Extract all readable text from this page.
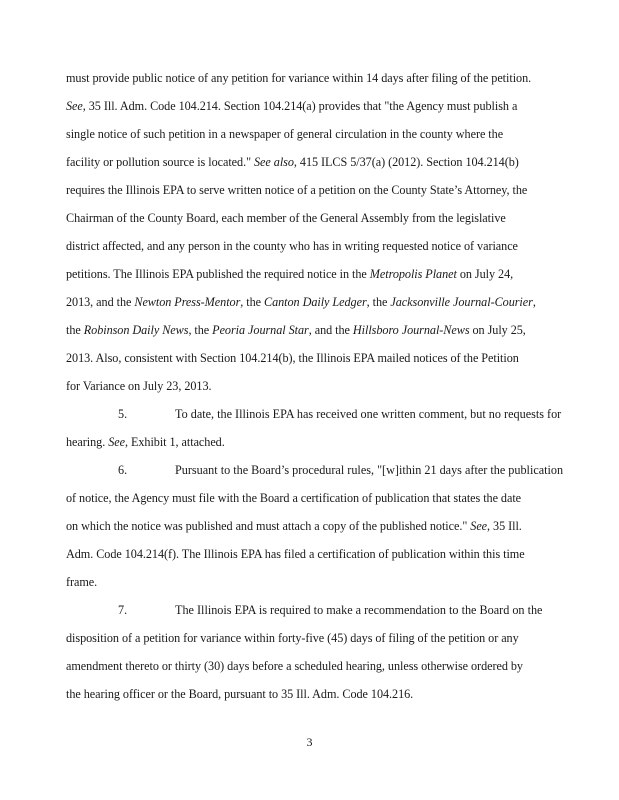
must provide public notice of any petition for variance within 14 days after filing of the petition.
See, 35 Ill. Adm. Code 104.214. Section 104.214(a) provides that "the Agency must publish a
single notice of such petition in a newspaper of general circulation in the county where the
facility or pollution source is located." See also, 415 ILCS 5/37(a) (2012). Section 104.214(b)
requires the Illinois EPA to serve written notice of a petition on the County State’s Attorney, the
Chairman of the County Board, each member of the General Assembly from the legislative
district affected, and any person in the county who has in writing requested notice of variance
petitions. The Illinois EPA published the required notice in the Metropolis Planet on July 24,
2013, and the Newton Press-Mentor, the Canton Daily Ledger, the Jacksonville Journal-Courier,
the Robinson Daily News, the Peoria Journal Star, and the Hillsboro Journal-News on July 25,
2013. Also, consistent with Section 104.214(b), the Illinois EPA mailed notices of the Petition
for Variance on July 23, 2013.
5.	To date, the Illinois EPA has received one written comment, but no requests for
hearing. See, Exhibit 1, attached.
6.	Pursuant to the Board’s procedural rules, "[w]ithin 21 days after the publication
of notice, the Agency must file with the Board a certification of publication that states the date
on which the notice was published and must attach a copy of the published notice." See, 35 Ill.
Adm. Code 104.214(f). The Illinois EPA has filed a certification of publication within this time
frame.
7.	The Illinois EPA is required to make a recommendation to the Board on the
disposition of a petition for variance within forty-five (45) days of filing of the petition or any
amendment thereto or thirty (30) days before a scheduled hearing, unless otherwise ordered by
the hearing officer or the Board, pursuant to 35 Ill. Adm. Code 104.216.
3
